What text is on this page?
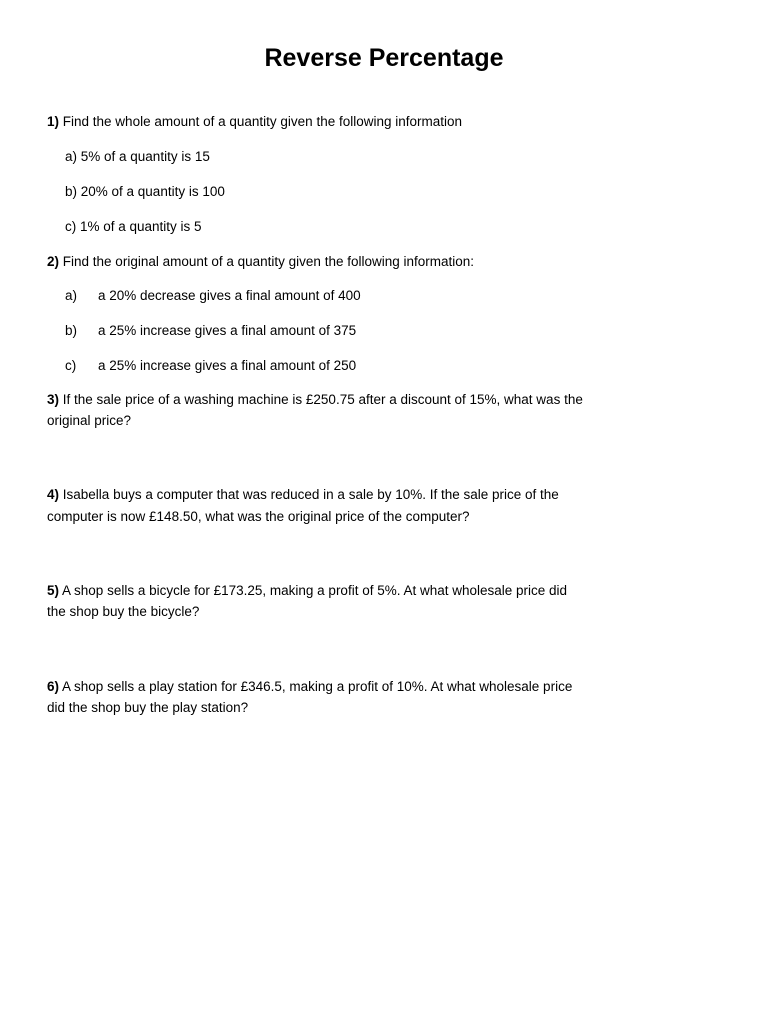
Reverse Percentage
1) Find the whole amount of a quantity given the following information
a) 5% of a quantity is 15
b) 20% of a quantity is 100
c) 1% of a quantity is 5
2) Find the original amount of a quantity given the following information:
a) a 20% decrease gives a final amount of 400
b) a 25% increase gives a final amount of 375
c) a 25% increase gives a final amount of 250
3) If the sale price of a washing machine is £250.75 after a discount of 15%, what was the
original price?
4) Isabella buys a computer that was reduced in a sale by 10%. If the sale price of the
computer is now £148.50, what was the original price of the computer?
5) A shop sells a bicycle for £173.25, making a profit of 5%. At what wholesale price did
the shop buy the bicycle?
6) A shop sells a play station for £346.5, making a profit of 10%. At what wholesale price
did the shop buy the play station?
